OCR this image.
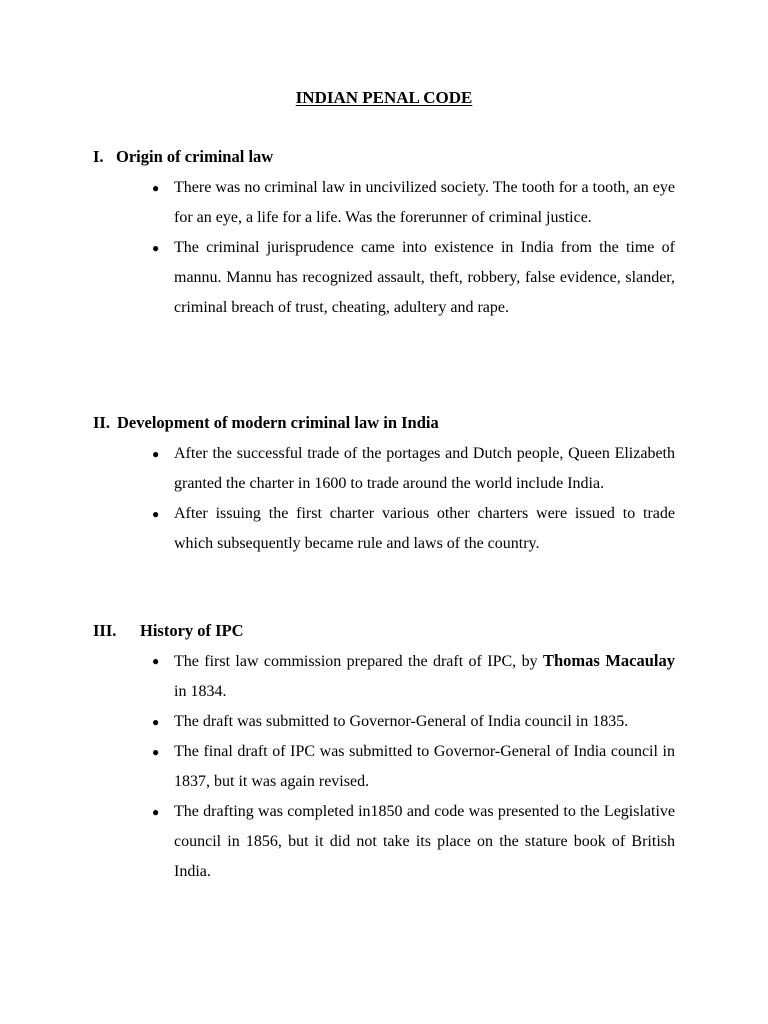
INDIAN PENAL CODE
I. Origin of criminal law
● There was no criminal law in uncivilized society. The tooth for a tooth, an eye for an eye, a life for a life. Was the forerunner of criminal justice.
● The criminal jurisprudence came into existence in India from the time of mannu. Mannu has recognized assault, theft, robbery, false evidence, slander, criminal breach of trust, cheating, adultery and rape.
II. Development of modern criminal law in India
● After the successful trade of the portages and Dutch people, Queen Elizabeth granted the charter in 1600 to trade around the world include India.
● After issuing the first charter various other charters were issued to trade which subsequently became rule and laws of the country.
III. History of IPC
● The first law commission prepared the draft of IPC, by Thomas Macaulay in 1834.
● The draft was submitted to Governor-General of India council in 1835.
● The final draft of IPC was submitted to Governor-General of India council in 1837, but it was again revised.
● The drafting was completed in1850 and code was presented to the Legislative council in 1856, but it did not take its place on the stature book of British India.
